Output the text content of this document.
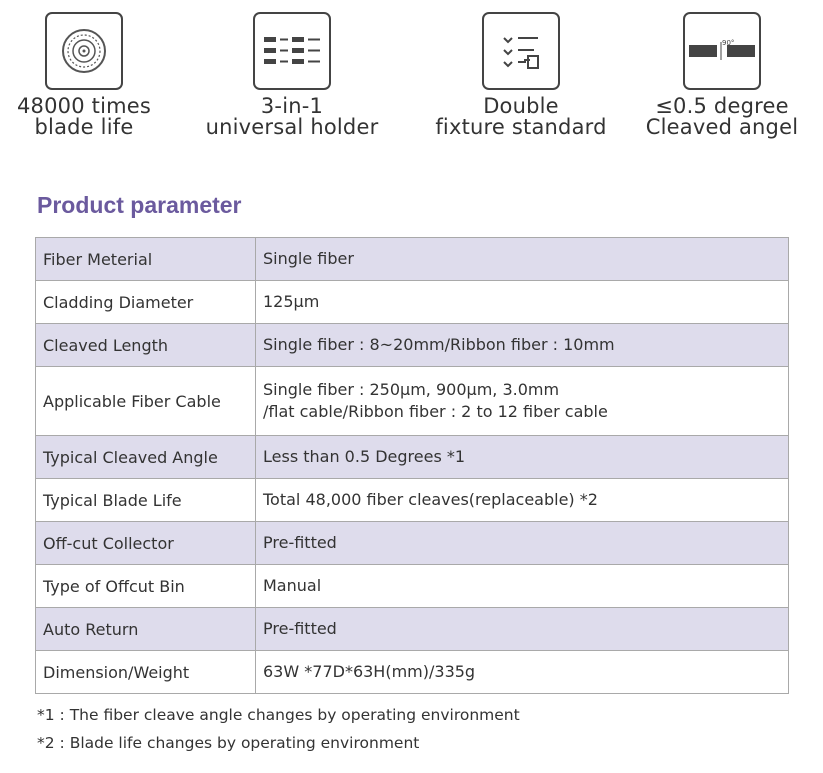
48000 times
blade life
3-in-1
universal holder
Double
fixture standard
90°
≤0.5 degree
Cleaved angel
Product parameter
Fiber Meterial	Single fiber

Cladding Diameter	125μm

Cleaved Length	Single fiber : 8~20mm/Ribbon fiber : 10mm

Applicable Fiber Cable	Single fiber : 250μm, 900μm, 3.0mm
/flat cable/Ribbon fiber : 2 to 12 fiber cable

Typical Cleaved Angle	Less than 0.5 Degrees *1

Typical Blade Life	Total 48,000 fiber cleaves(replaceable) *2

Off-cut Collector	Pre-fitted

Type of Offcut Bin	Manual

Auto Return	Pre-fitted

Dimension/Weight	63W *77D*63H(mm)/335g
*1 : The fiber cleave angle changes by operating environment
*2 : Blade life changes by operating environment
